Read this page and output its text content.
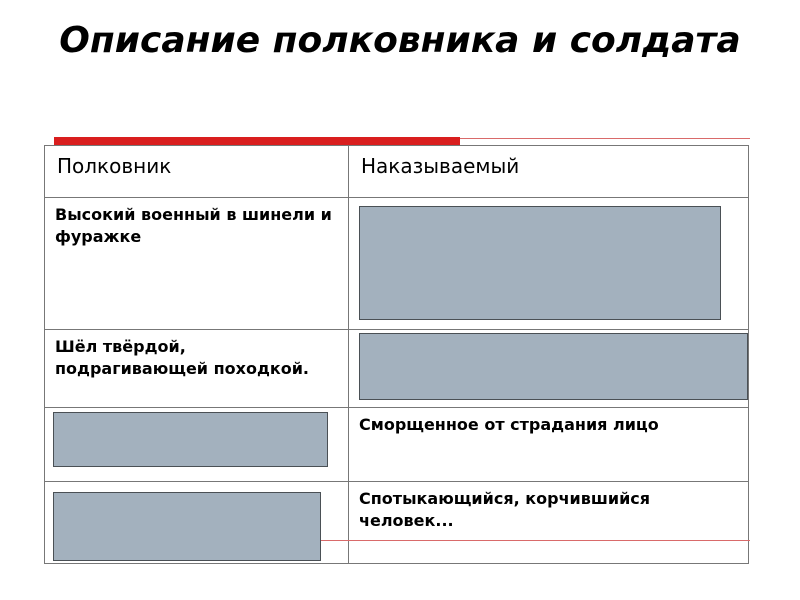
Описание полковника и солдата
Полковник	Наказываемый
Высокий военный в шинели и фуражке	
Шёл твёрдой, подрагивающей походкой.	
	Сморщенное от страдания лицо
	Спотыкающийся, корчившийся человек...
